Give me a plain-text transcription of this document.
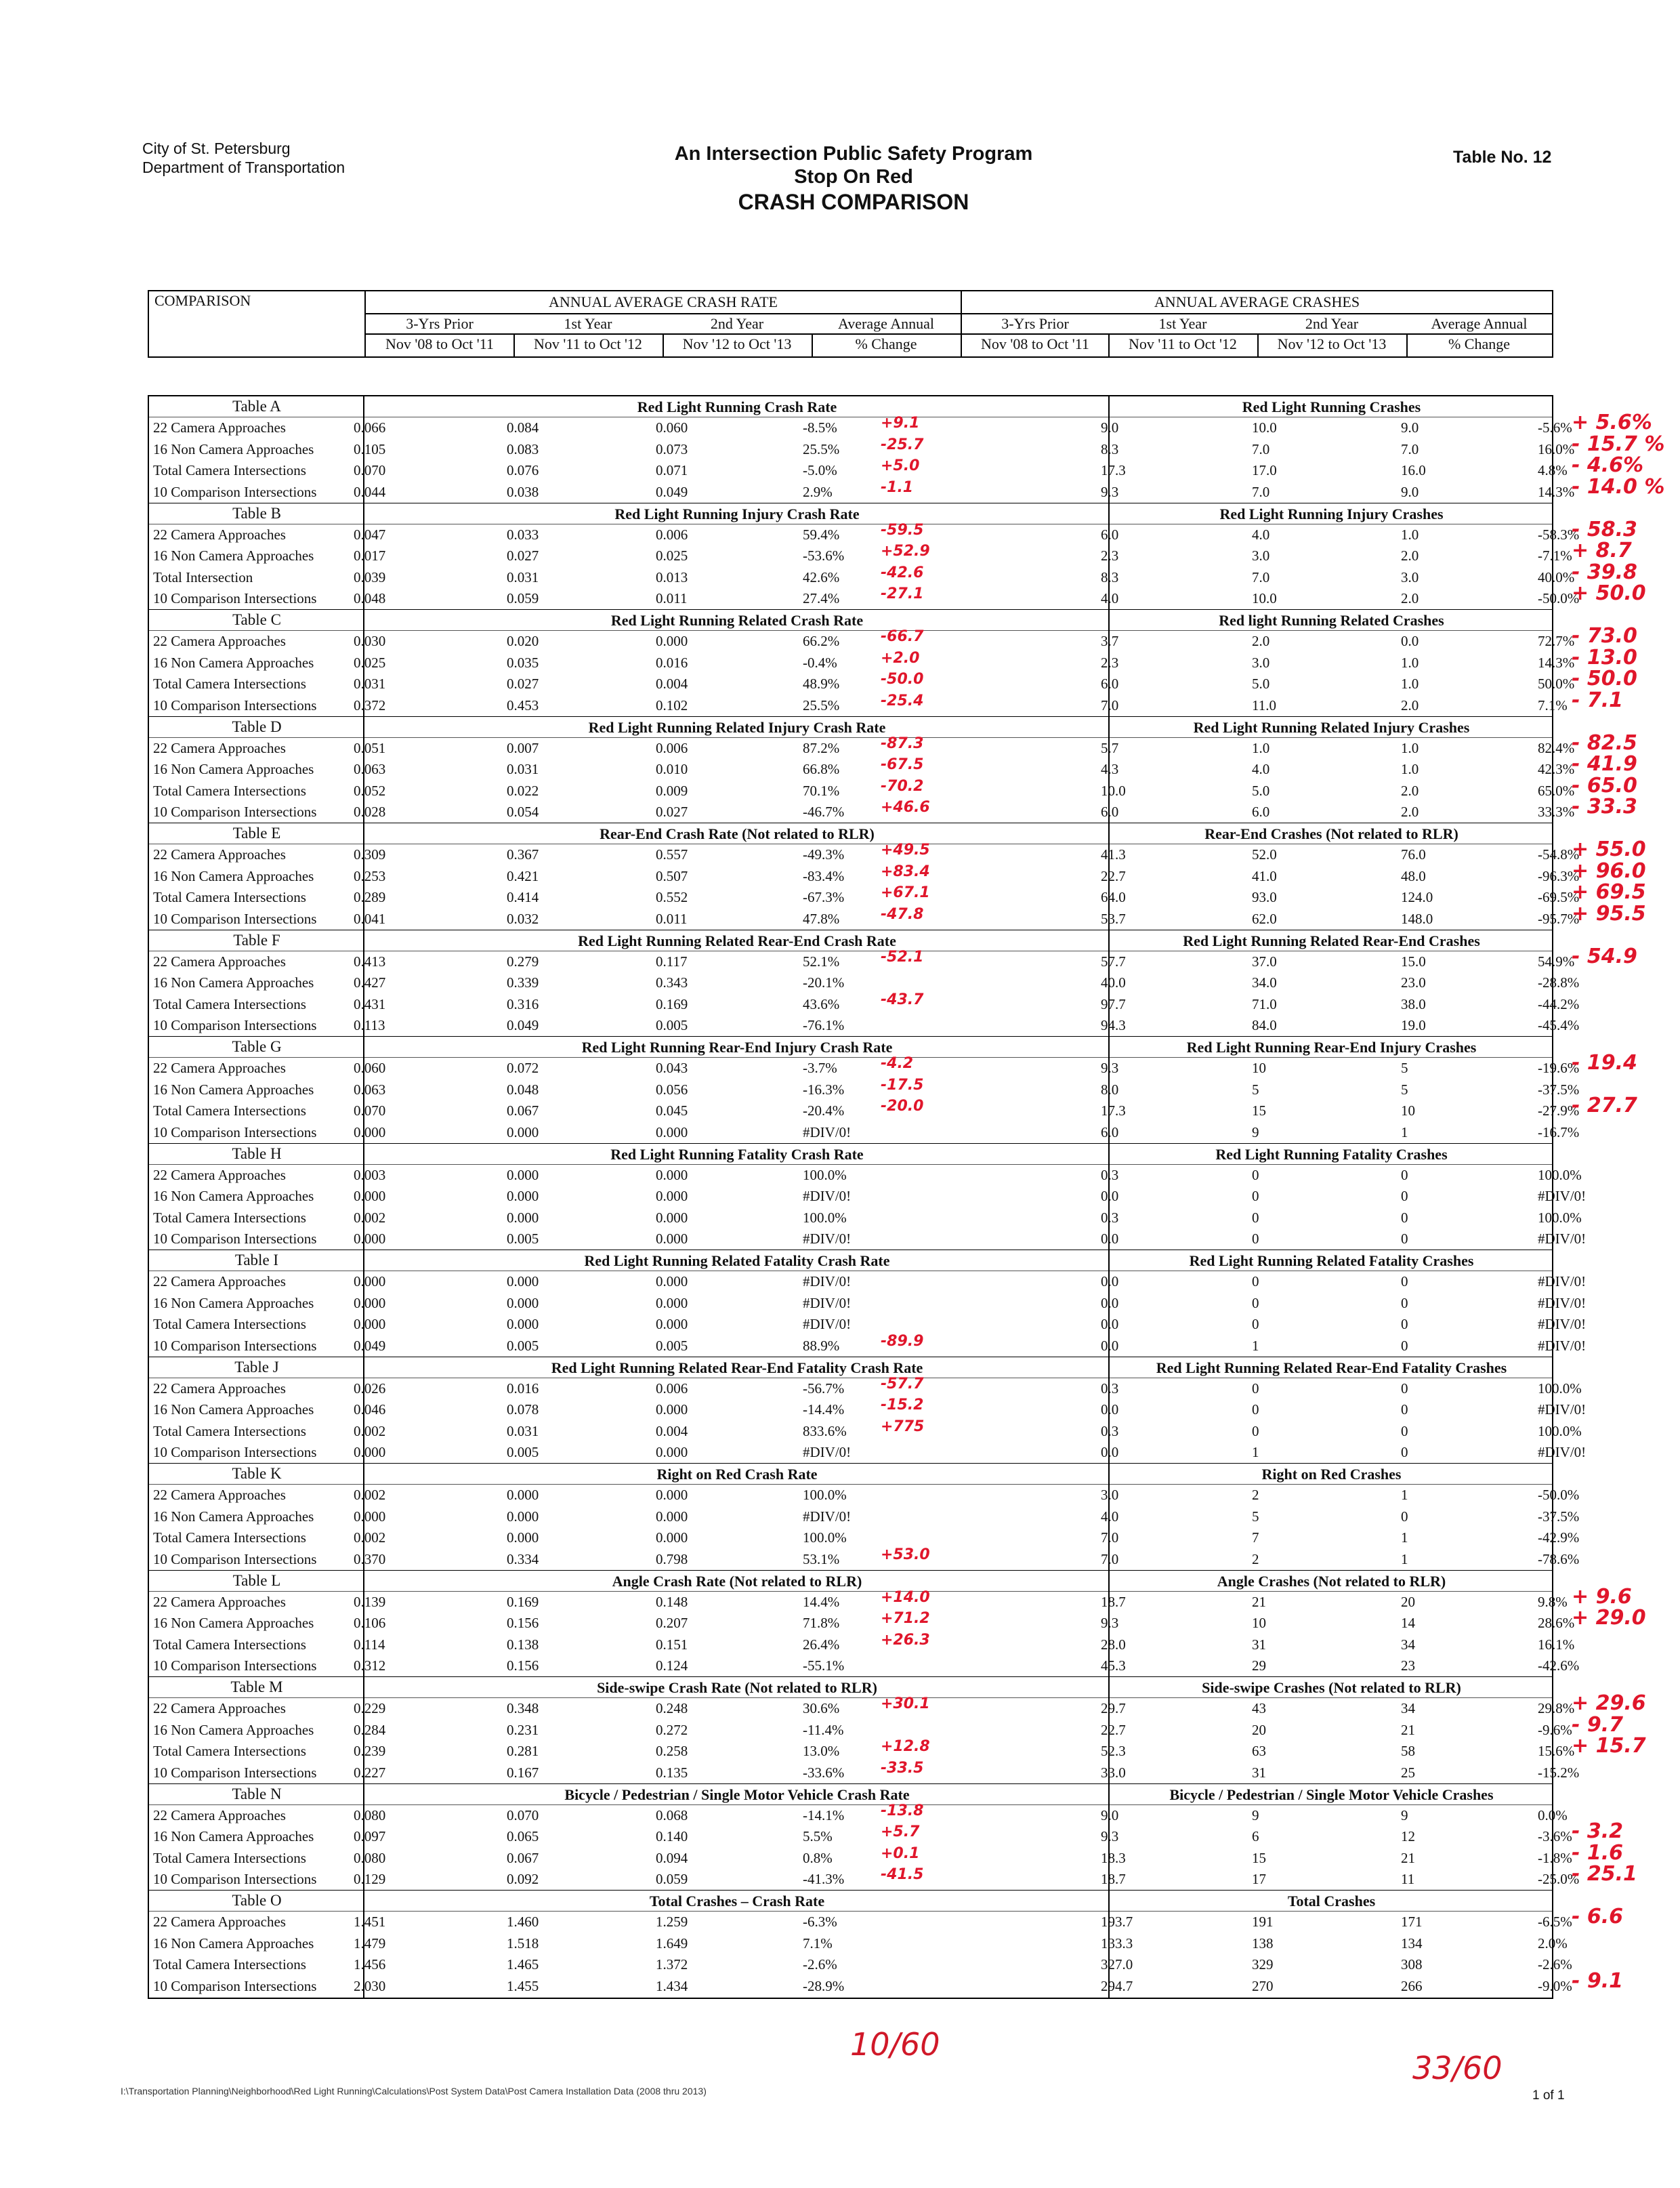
City of St. Petersburg
Department of Transportation
An Intersection Public Safety Program
Stop On Red
CRASH COMPARISON
Table No. 12
COMPARISON	ANNUAL AVERAGE CRASH RATE	ANNUAL AVERAGE CRASHES
3-Yrs Prior	1st Year	2nd Year	Average Annual
Nov '08 to Oct '11	Nov '11 to Oct '12	Nov '12 to Oct '13	% Change
3-Yrs Prior	1st Year	2nd Year	Average Annual
Nov '08 to Oct '11	Nov '11 to Oct '12	Nov '12 to Oct '13	% Change
Table A	Red Light Running Crash Rate	Red Light Running Crashes
22 Camera Approaches	0.066	0.084	0.060	-8.5%	9.0	10.0	9.0	-5.6%
16 Non Camera Approaches	0.105	0.083	0.073	25.5%	8.3	7.0	7.0	16.0%
Total Camera Intersections	0.070	0.076	0.071	-5.0%	17.3	17.0	16.0	4.8%
10 Comparison Intersections	0.044	0.038	0.049	2.9%	9.3	7.0	9.0	14.3%
Table B	Red Light Running Injury Crash Rate	Red Light Running Injury Crashes
22 Camera Approaches	0.047	0.033	0.006	59.4%	6.0	4.0	1.0	-58.3%
16 Non Camera Approaches	0.017	0.027	0.025	-53.6%	2.3	3.0	2.0	-7.1%
Total Intersection	0.039	0.031	0.013	42.6%	8.3	7.0	3.0	40.0%
10 Comparison Intersections	0.048	0.059	0.011	27.4%	4.0	10.0	2.0	-50.0%
Table C	Red Light Running Related Crash Rate	Red light Running Related Crashes
22 Camera Approaches	0.030	0.020	0.000	66.2%	3.7	2.0	0.0	72.7%
16 Non Camera Approaches	0.025	0.035	0.016	-0.4%	2.3	3.0	1.0	14.3%
Total Camera Intersections	0.031	0.027	0.004	48.9%	6.0	5.0	1.0	50.0%
10 Comparison Intersections	0.372	0.453	0.102	25.5%	7.0	11.0	2.0	7.1%
Table D	Red Light Running Related Injury Crash Rate	Red Light Running Related Injury Crashes
22 Camera Approaches	0.051	0.007	0.006	87.2%	5.7	1.0	1.0	82.4%
16 Non Camera Approaches	0.063	0.031	0.010	66.8%	4.3	4.0	1.0	42.3%
Total Camera Intersections	0.052	0.022	0.009	70.1%	10.0	5.0	2.0	65.0%
10 Comparison Intersections	0.028	0.054	0.027	-46.7%	6.0	6.0	2.0	33.3%
Table E	Rear-End Crash Rate (Not related to RLR)	Rear-End Crashes (Not related to RLR)
22 Camera Approaches	0.309	0.367	0.557	-49.3%	41.3	52.0	76.0	-54.8%
16 Non Camera Approaches	0.253	0.421	0.507	-83.4%	22.7	41.0	48.0	-96.3%
Total Camera Intersections	0.289	0.414	0.552	-67.3%	64.0	93.0	124.0	-69.5%
10 Comparison Intersections	0.041	0.032	0.011	47.8%	53.7	62.0	148.0	-95.7%
Table F	Red Light Running Related Rear-End Crash Rate	Red Light Running Related Rear-End Crashes
22 Camera Approaches	0.413	0.279	0.117	52.1%	57.7	37.0	15.0	54.9%
16 Non Camera Approaches	0.427	0.339	0.343	-20.1%	40.0	34.0	23.0	-28.8%
Total Camera Intersections	0.431	0.316	0.169	43.6%	97.7	71.0	38.0	-44.2%
10 Comparison Intersections	0.113	0.049	0.005	-76.1%	94.3	84.0	19.0	-45.4%
Table G	Red Light Running Rear-End Injury Crash Rate	Red Light Running Rear-End Injury Crashes
22 Camera Approaches	0.060	0.072	0.043	-3.7%	9.3	10	5	-19.6%
16 Non Camera Approaches	0.063	0.048	0.056	-16.3%	8.0	5	5	-37.5%
Total Camera Intersections	0.070	0.067	0.045	-20.4%	17.3	15	10	-27.9%
10 Comparison Intersections	0.000	0.000	0.000	#DIV/0!	6.0	9	1	-16.7%
Table H	Red Light Running Fatality Crash Rate	Red Light Running Fatality Crashes
22 Camera Approaches	0.003	0.000	0.000	100.0%	0.3	0	0	100.0%
16 Non Camera Approaches	0.000	0.000	0.000	#DIV/0!	0.0	0	0	#DIV/0!
Total Camera Intersections	0.002	0.000	0.000	100.0%	0.3	0	0	100.0%
10 Comparison Intersections	0.000	0.005	0.000	#DIV/0!	0.0	0	0	#DIV/0!
Table I	Red Light Running Related Fatality Crash Rate	Red Light Running Related Fatality Crashes
22 Camera Approaches	0.000	0.000	0.000	#DIV/0!	0.0	0	0	#DIV/0!
16 Non Camera Approaches	0.000	0.000	0.000	#DIV/0!	0.0	0	0	#DIV/0!
Total Camera Intersections	0.000	0.000	0.000	#DIV/0!	0.0	0	0	#DIV/0!
10 Comparison Intersections	0.049	0.005	0.005	88.9%	0.0	1	0	#DIV/0!
Table J	Red Light Running Related Rear-End Fatality Crash Rate	Red Light Running Related Rear-End Fatality Crashes
22 Camera Approaches	0.026	0.016	0.006	-56.7%	0.3	0	0	100.0%
16 Non Camera Approaches	0.046	0.078	0.000	-14.4%	0.0	0	0	#DIV/0!
Total Camera Intersections	0.002	0.031	0.004	833.6%	0.3	0	0	100.0%
10 Comparison Intersections	0.000	0.005	0.000	#DIV/0!	0.0	1	0	#DIV/0!
Table K	Right on Red Crash Rate	Right on Red Crashes
22 Camera Approaches	0.002	0.000	0.000	100.0%	3.0	2	1	-50.0%
16 Non Camera Approaches	0.000	0.000	0.000	#DIV/0!	4.0	5	0	-37.5%
Total Camera Intersections	0.002	0.000	0.000	100.0%	7.0	7	1	-42.9%
10 Comparison Intersections	0.370	0.334	0.798	53.1%	7.0	2	1	-78.6%
Table L	Angle Crash Rate (Not related to RLR)	Angle Crashes (Not related to RLR)
22 Camera Approaches	0.139	0.169	0.148	14.4%	18.7	21	20	9.8%
16 Non Camera Approaches	0.106	0.156	0.207	71.8%	9.3	10	14	28.6%
Total Camera Intersections	0.114	0.138	0.151	26.4%	28.0	31	34	16.1%
10 Comparison Intersections	0.312	0.156	0.124	-55.1%	45.3	29	23	-42.6%
Table M	Side-swipe Crash Rate (Not related to RLR)	Side-swipe Crashes (Not related to RLR)
22 Camera Approaches	0.229	0.348	0.248	30.6%	29.7	43	34	29.8%
16 Non Camera Approaches	0.284	0.231	0.272	-11.4%	22.7	20	21	-9.6%
Total Camera Intersections	0.239	0.281	0.258	13.0%	52.3	63	58	15.6%
10 Comparison Intersections	0.227	0.167	0.135	-33.6%	33.0	31	25	-15.2%
Table N	Bicycle / Pedestrian / Single Motor Vehicle Crash Rate	Bicycle / Pedestrian / Single Motor Vehicle Crashes
22 Camera Approaches	0.080	0.070	0.068	-14.1%	9.0	9	9	0.0%
16 Non Camera Approaches	0.097	0.065	0.140	5.5%	9.3	6	12	-3.6%
Total Camera Intersections	0.080	0.067	0.094	0.8%	18.3	15	21	-1.8%
10 Comparison Intersections	0.129	0.092	0.059	-41.3%	18.7	17	11	-25.0%
Table O	Total Crashes – Crash Rate	Total Crashes
22 Camera Approaches	1.451	1.460	1.259	-6.3%	193.7	191	171	-6.5%
16 Non Camera Approaches	1.479	1.518	1.649	7.1%	133.3	138	134	2.0%
Total Camera Intersections	1.456	1.465	1.372	-2.6%	327.0	329	308	-2.6%
10 Comparison Intersections	2.030	1.455	1.434	-28.9%	294.7	270	266	-9.0%
I:\Transportation Planning\Neighborhood\Red Light Running\Calculations\Post System Data\Post Camera Installation Data (2008 thru 2013)	1 of 1
10/60
33/60
+ 5.6%
- 15.7 %
- 4.6%
- 14.0 %
- 58.3
+ 8.7
- 39.8
+ 50.0
- 73.0
- 13.0
- 50.0
- 7.1
- 82.5
- 41.9
- 65.0
- 33.3
+ 55.0
+ 96.0
+ 69.5
+ 95.5
- 54.9
- 19.4
- 27.7
+ 9.6
+ 29.0
+ 29.6
- 9.7
+ 15.7
- 3.2
- 1.6
- 25.1
- 6.6
- 9.1
+9.1
-25.7
+5.0
-1.1
-59.5
+52.9
-42.6
-27.1
-66.7
+2.0
-50.0
-25.4
-87.3
-67.5
-70.2
+46.6
+49.5
+83.4
+67.1
-47.8
-52.1
-43.7
-4.2
-17.5
-20.0
-89.9
-57.7
-15.2
+775
+53.0
+14.0
+71.2
+26.3
+30.1
+12.8
-33.5
-13.8
+5.7
+0.1
-41.5
